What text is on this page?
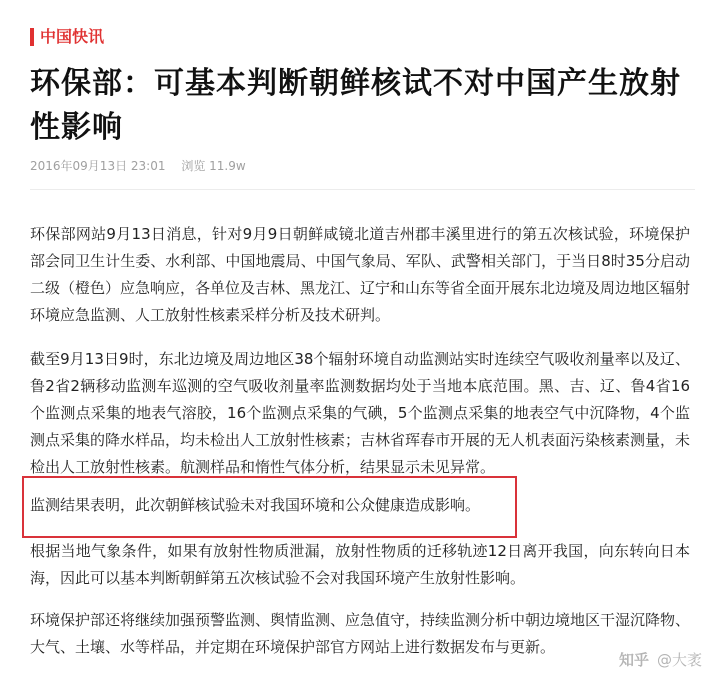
中国快讯
环保部：可基本判断朝鲜核试不对中国产生放射性影响
2016年09月13日 23:01 浏览 11.9w

环保部网站9月13日消息，针对9月9日朝鲜咸镜北道吉州郡丰溪里进行的第五次核试验，环境保护部会同卫生计生委、水利部、中国地震局、中国气象局、军队、武警相关部门，于当日8时35分启动二级（橙色）应急响应，各单位及吉林、黑龙江、辽宁和山东等省全面开展东北边境及周边地区辐射环境应急监测、人工放射性核素采样分析及技术研判。

截至9月13日9时，东北边境及周边地区38个辐射环境自动监测站实时连续空气吸收剂量率以及辽、鲁2省2辆移动监测车巡测的空气吸收剂量率监测数据均处于当地本底范围。黑、吉、辽、鲁4省16个监测点采集的地表气溶胶，16个监测点采集的气碘，5个监测点采集的地表空气中沉降物，4个监测点采集的降水样品，均未检出人工放射性核素；吉林省珲春市开展的无人机表面污染核素测量，未检出人工放射性核素。航测样品和惰性气体分析，结果显示未见异常。

监测结果表明，此次朝鲜核试验未对我国环境和公众健康造成影响。

根据当地气象条件，如果有放射性物质泄漏，放射性物质的迁移轨迹12日离开我国，向东转向日本海，因此可以基本判断朝鲜第五次核试验不会对我国环境产生放射性影响。

环境保护部还将继续加强预警监测、舆情监测、应急值守，持续监测分析中朝边境地区干湿沉降物、大气、土壤、水等样品，并定期在环境保护部官方网站上进行数据发布与更新。

知乎 @大袤
